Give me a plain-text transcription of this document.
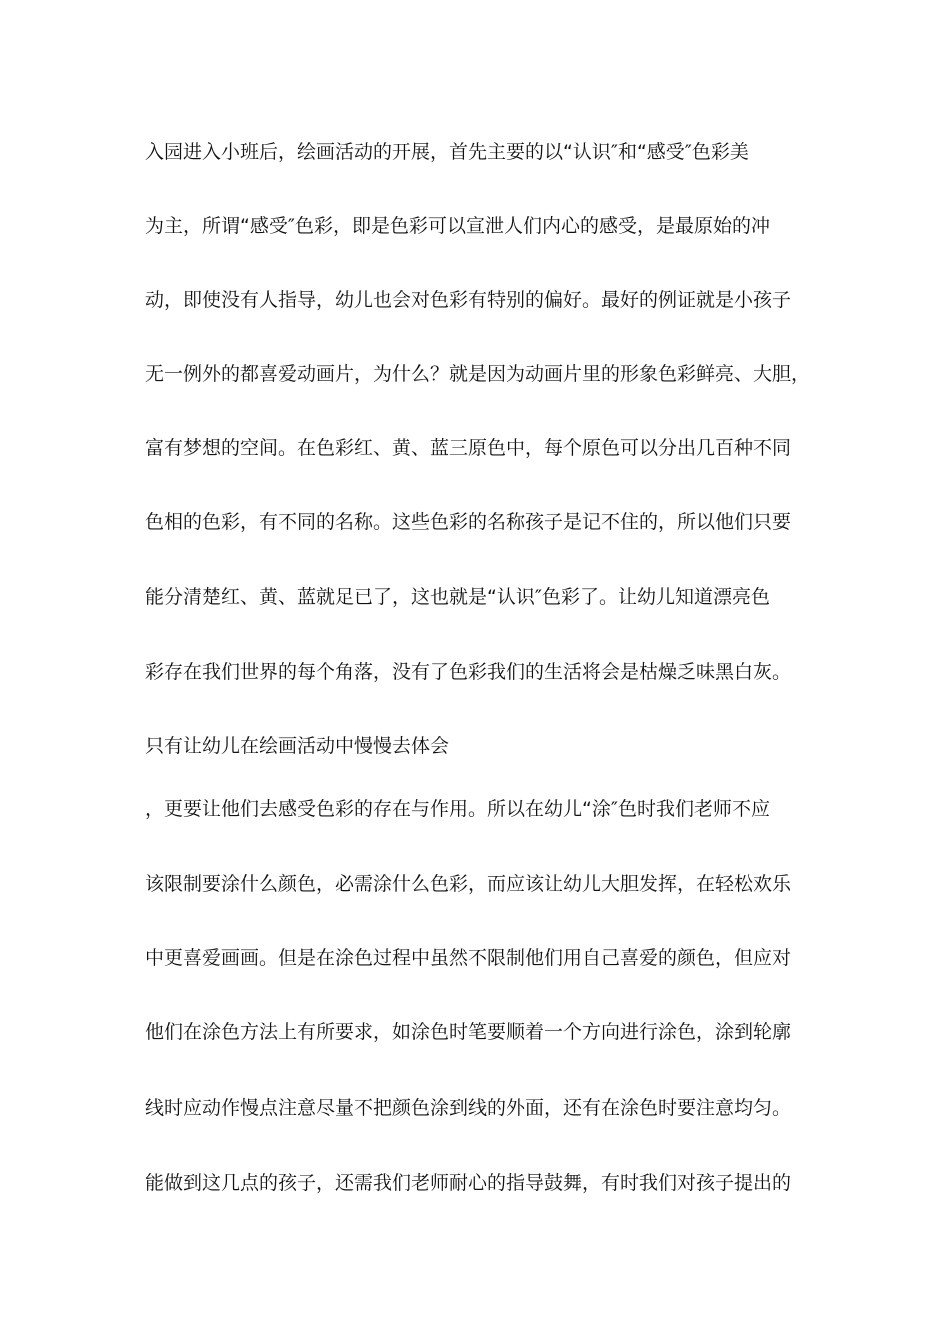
入园进入小班后，绘画活动的开展，首先主要的以“认识″和“感受″色彩美
为主，所谓“感受″色彩，即是色彩可以宣泄人们内心的感受，是最原始的冲
动，即使没有人指导，幼儿也会对色彩有特别的偏好。最好的例证就是小孩子
无一例外的都喜爱动画片，为什么？就是因为动画片里的形象色彩鲜亮、大胆，
富有梦想的空间。在色彩红、黄、蓝三原色中，每个原色可以分出几百种不同
色相的色彩，有不同的名称。这些色彩的名称孩子是记不住的，所以他们只要
能分清楚红、黄、蓝就足已了，这也就是“认识″色彩了。让幼儿知道漂亮色
彩存在我们世界的每个角落，没有了色彩我们的生活将会是枯燥乏味黑白灰。
只有让幼儿在绘画活动中慢慢去体会
，更要让他们去感受色彩的存在与作用。所以在幼儿“涂″色时我们老师不应
该限制要涂什么颜色，必需涂什么色彩，而应该让幼儿大胆发挥，在轻松欢乐
中更喜爱画画。但是在涂色过程中虽然不限制他们用自己喜爱的颜色，但应对
他们在涂色方法上有所要求，如涂色时笔要顺着一个方向进行涂色，涂到轮廓
线时应动作慢点注意尽量不把颜色涂到线的外面，还有在涂色时要注意均匀。
能做到这几点的孩子，还需我们老师耐心的指导鼓舞，有时我们对孩子提出的
